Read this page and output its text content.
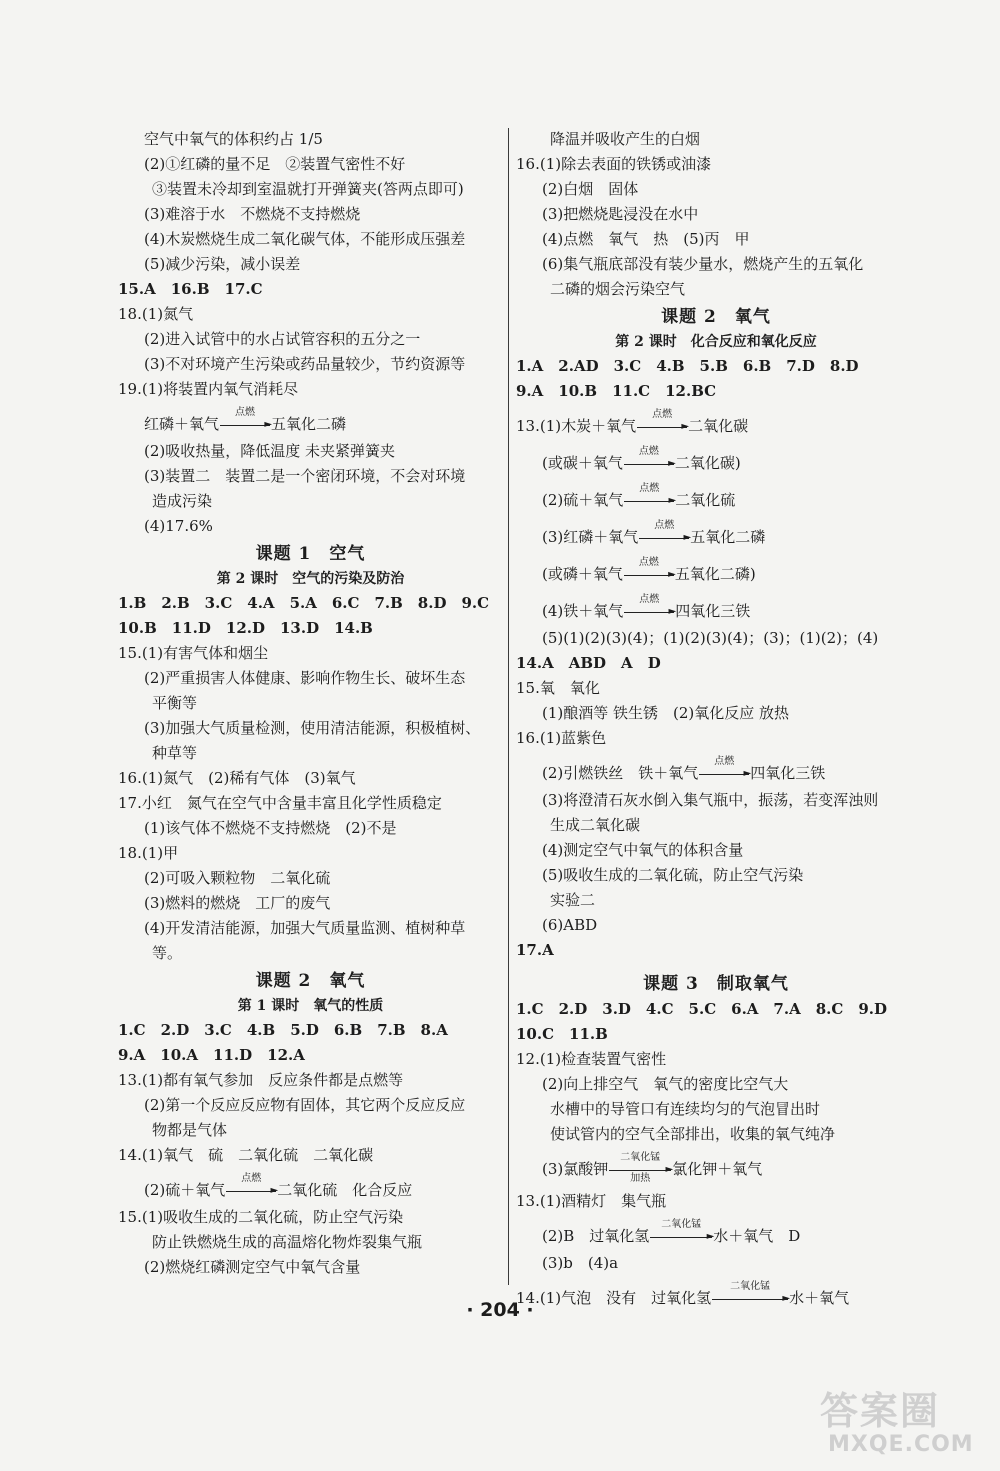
空气中氧气的体积约占 1/5
(2)①红磷的量不足　②装置气密性不好
③装置未冷却到室温就打开弹簧夹(答两点即可)
(3)难溶于水　不燃烧不支持燃烧
(4)木炭燃烧生成二氧化碳气体，不能形成压强差
(5)减少污染，减小误差
15.A　16.B　17.C
18.(1)氮气
(2)进入试管中的水占试管容积的五分之一
(3)不对环境产生污染或药品量较少，节约资源等
19.(1)将装置内氧气消耗尽
红磷＋氧气
点燃
► 五氧化二磷
(2)吸收热量，降低温度 未夹紧弹簧夹
(3)装置二　装置二是一个密闭环境，不会对环境
造成污染
(4)17.6%
课题 1　空气
第 2 课时　空气的污染及防治
1.B　2.B　3.C　4.A　5.A　6.C　7.B　8.D　9.C
10.B　11.D　12.D　13.D　14.B
15.(1)有害气体和烟尘
(2)严重损害人体健康、影响作物生长、破坏生态
平衡等
(3)加强大气质量检测，使用清洁能源，积极植树、
种草等
16.(1)氮气　(2)稀有气体　(3)氧气
17.小红　氮气在空气中含量丰富且化学性质稳定
(1)该气体不燃烧不支持燃烧　(2)不是
18.(1)甲
(2)可吸入颗粒物　二氧化硫
(3)燃料的燃烧　工厂的废气
(4)开发清洁能源，加强大气质量监测、植树种草
等。
课题 2　氧气
第 1 课时　氧气的性质
1.C　2.D　3.C　4.B　5.D　6.B　7.B　8.A
9.A　10.A　11.D　12.A
13.(1)都有氧气参加　反应条件都是点燃等
(2)第一个反应反应物有固体，其它两个反应反应
物都是气体
14.(1)氧气　硫　二氧化硫　二氧化碳
(2)硫＋氧气
点燃
► 二氧化硫　化合反应
15.(1)吸收生成的二氧化硫，防止空气污染
防止铁燃烧生成的高温熔化物炸裂集气瓶
(2)燃烧红磷测定空气中氧气含量
降温并吸收产生的白烟
16.(1)除去表面的铁锈或油漆
(2)白烟　固体
(3)把燃烧匙浸没在水中
(4)点燃　氧气　热　(5)丙　甲
(6)集气瓶底部没有装少量水，燃烧产生的五氧化
二磷的烟会污染空气
课题 2　氧气
第 2 课时　化合反应和氧化反应
1.A　2.AD　3.C　4.B　5.B　6.B　7.D　8.D
9.A　10.B　11.C　12.BC
13.(1)木炭＋氧气
点燃
► 二氧化碳
(或碳＋氧气
点燃
► 二氧化碳)
(2)硫＋氧气
点燃
► 二氧化硫
(3)红磷＋氧气
点燃
► 五氧化二磷
(或磷＋氧气
点燃
► 五氧化二磷)
(4)铁＋氧气
点燃
► 四氧化三铁
(5)(1)(2)(3)(4)；(1)(2)(3)(4)；(3)；(1)(2)；(4)
14.A　ABD　A　D
15.氧　氧化
(1)酿酒等 铁生锈　(2)氧化反应 放热
16.(1)蓝紫色
(2)引燃铁丝　铁＋氧气
点燃
► 四氧化三铁
(3)将澄清石灰水倒入集气瓶中，振荡，若变浑浊则
生成二氧化碳
(4)测定空气中氧气的体积含量
(5)吸收生成的二氧化硫，防止空气污染
实验二
(6)ABD
17.A
课题 3　制取氧气
1.C　2.D　3.D　4.C　5.C　6.A　7.A　8.C　9.D
10.C　11.B
12.(1)检查装置气密性
(2)向上排空气　氧气的密度比空气大
水槽中的导管口有连续均匀的气泡冒出时
使试管内的空气全部排出，收集的氧气纯净
(3)氯酸钾
二氧化锰
►
加热
氯化钾＋氧气
13.(1)酒精灯　集气瓶
(2)B　过氧化氢
二氧化锰
► 水＋氧气　D
(3)b　(4)a
14.(1)气泡　没有　过氧化氢
二氧化锰
► 水＋氧气
· 204 ·
答案圈
MXQE.COM
